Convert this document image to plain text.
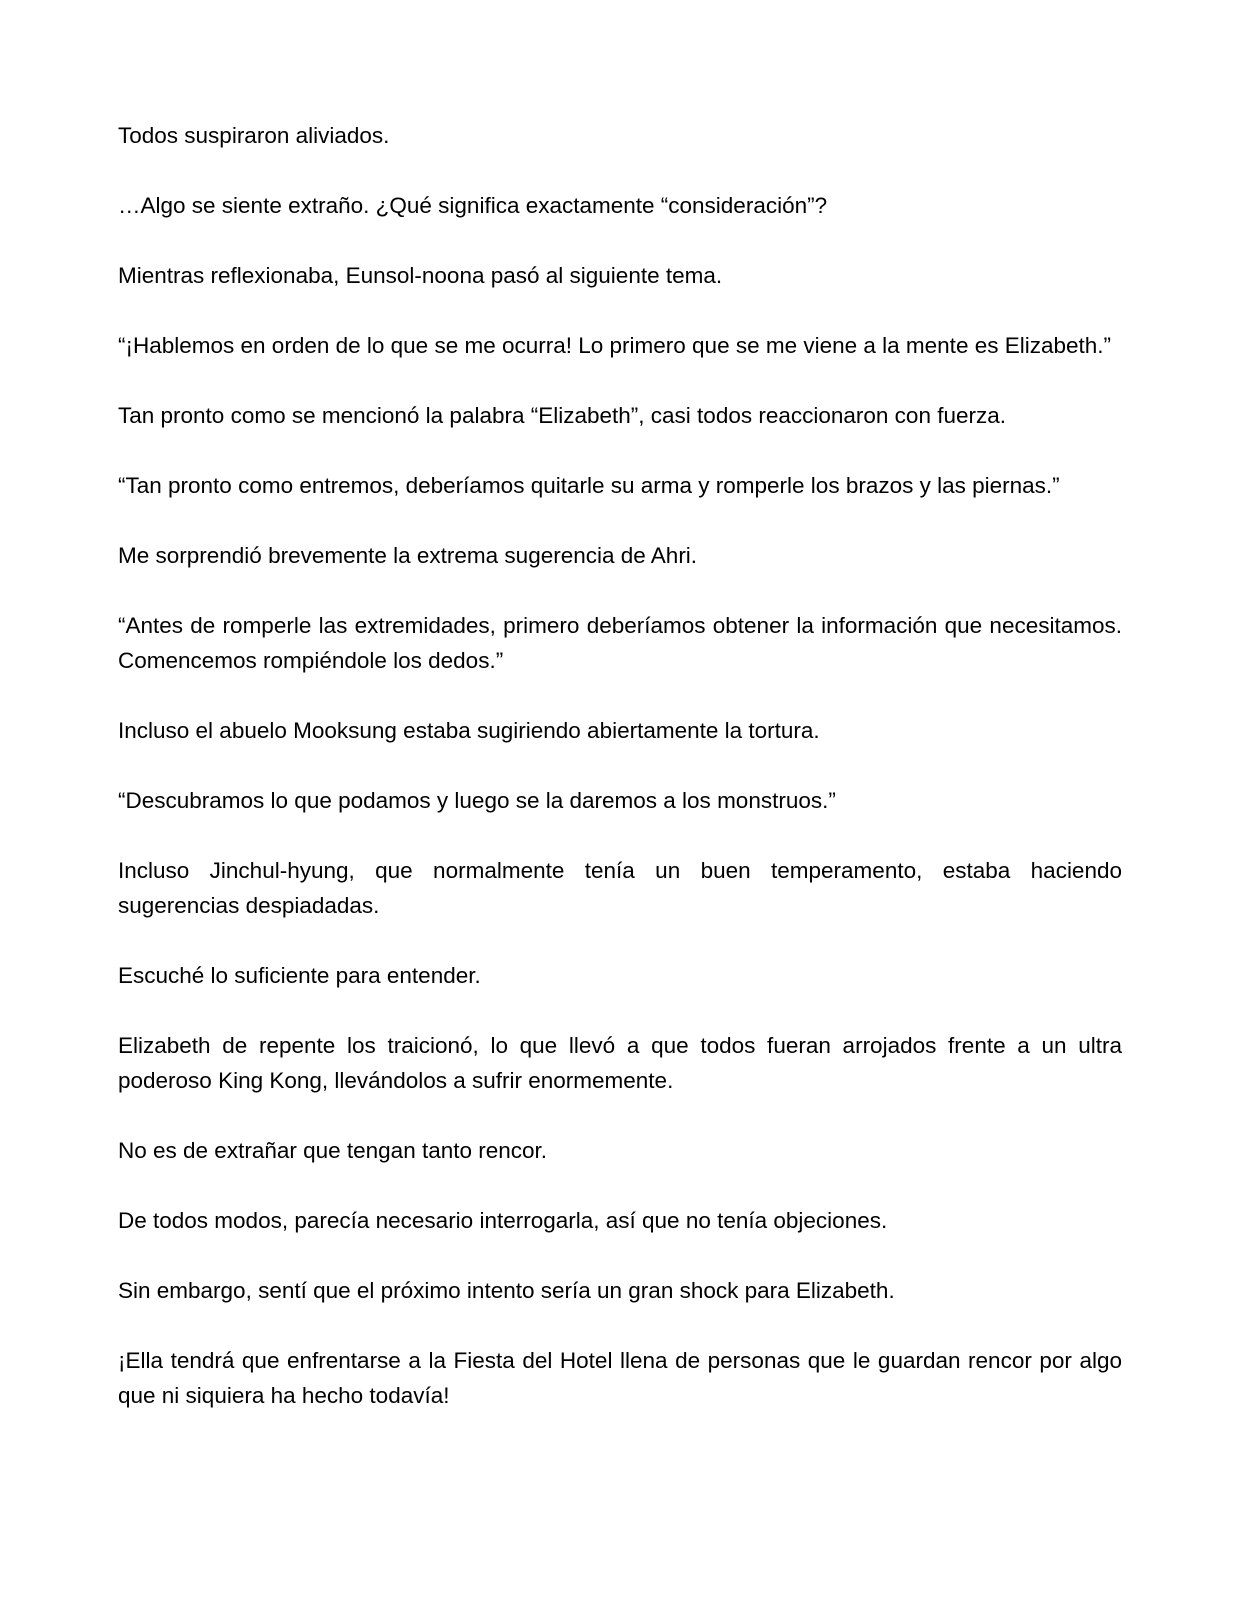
Todos suspiraron aliviados.

…Algo se siente extraño. ¿Qué significa exactamente “consideración”?

Mientras reflexionaba, Eunsol-noona pasó al siguiente tema.

“¡Hablemos en orden de lo que se me ocurra! Lo primero que se me viene a la mente es Elizabeth.”

Tan pronto como se mencionó la palabra “Elizabeth”, casi todos reaccionaron con fuerza.

“Tan pronto como entremos, deberíamos quitarle su arma y romperle los brazos y las piernas.”

Me sorprendió brevemente la extrema sugerencia de Ahri.

“Antes de romperle las extremidades, primero deberíamos obtener la información que necesitamos. Comencemos rompiéndole los dedos.”

Incluso el abuelo Mooksung estaba sugiriendo abiertamente la tortura.

“Descubramos lo que podamos y luego se la daremos a los monstruos.”

Incluso Jinchul-hyung, que normalmente tenía un buen temperamento, estaba haciendo sugerencias despiadadas.

Escuché lo suficiente para entender.

Elizabeth de repente los traicionó, lo que llevó a que todos fueran arrojados frente a un ultra poderoso King Kong, llevándolos a sufrir enormemente.

No es de extrañar que tengan tanto rencor.

De todos modos, parecía necesario interrogarla, así que no tenía objeciones.

Sin embargo, sentí que el próximo intento sería un gran shock para Elizabeth.

¡Ella tendrá que enfrentarse a la Fiesta del Hotel llena de personas que le guardan rencor por algo que ni siquiera ha hecho todavía!
